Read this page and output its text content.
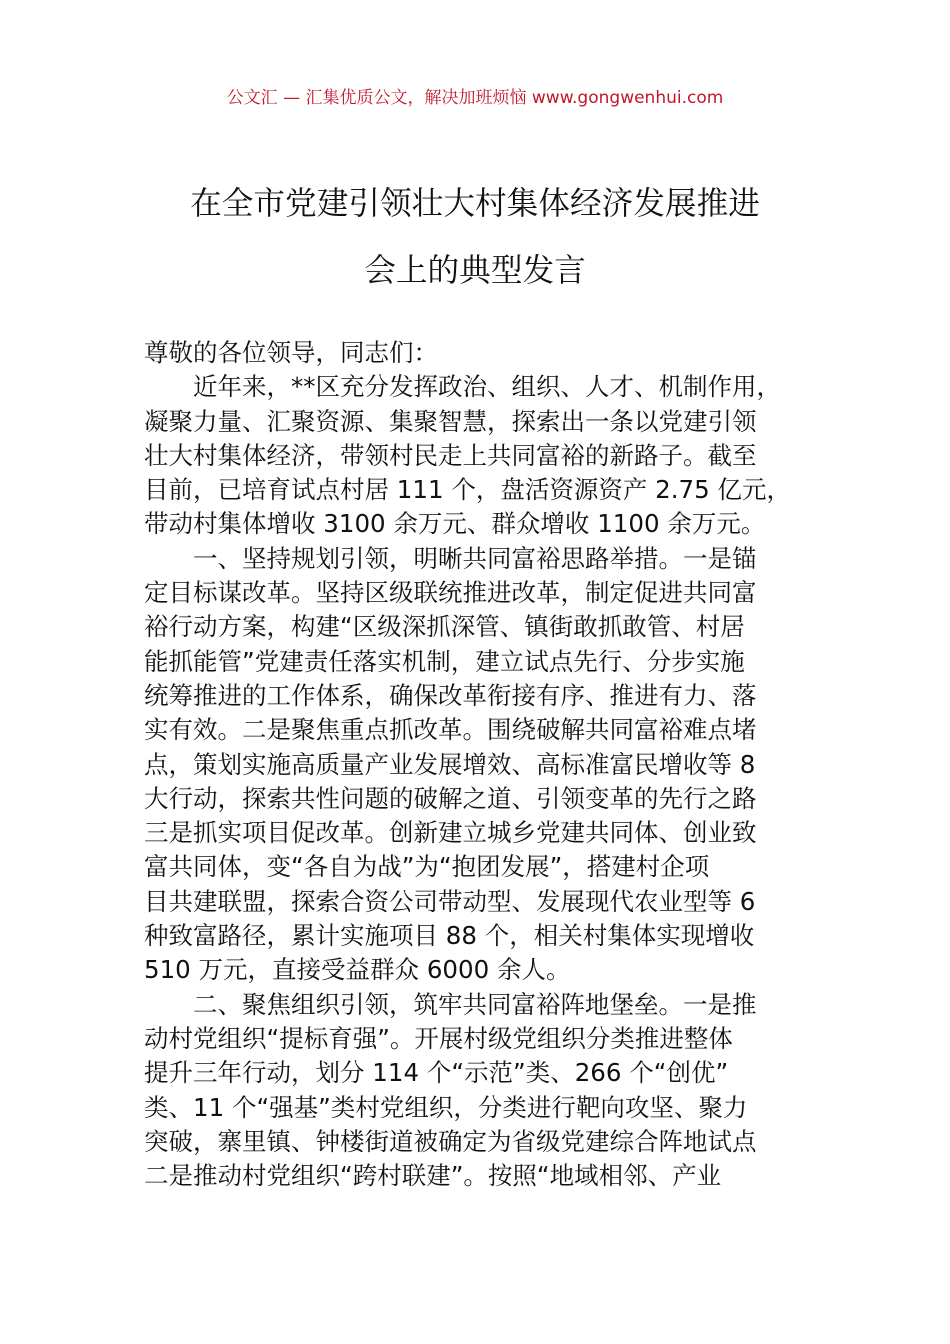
公文汇 — 汇集优质公文，解决加班烦恼 www.gongwenhui.com
在全市党建引领壮大村集体经济发展推进
会上的典型发言
尊敬的各位领导，同志们：
近年来，**区充分发挥政治、组织、人才、机制作用，
凝聚力量、汇聚资源、集聚智慧，探索出一条以党建引领
壮大村集体经济，带领村民走上共同富裕的新路子。截至
目前，已培育试点村居 111 个，盘活资源资产 2.75 亿元，
带动村集体增收 3100 余万元、群众增收 1100 余万元。
一、坚持规划引领，明晰共同富裕思路举措。一是锚
定目标谋改革。坚持区级联统推进改革，制定促进共同富
裕行动方案，构建“区级深抓深管、镇街敢抓敢管、村居
能抓能管”党建责任落实机制，建立试点先行、分步实施
统筹推进的工作体系，确保改革衔接有序、推进有力、落
实有效。二是聚焦重点抓改革。围绕破解共同富裕难点堵
点，策划实施高质量产业发展增效、高标准富民增收等 8
大行动，探索共性问题的破解之道、引领变革的先行之路
三是抓实项目促改革。创新建立城乡党建共同体、创业致
富共同体，变“各自为战”为“抱团发展”，搭建村企项
目共建联盟，探索合资公司带动型、发展现代农业型等 6
种致富路径，累计实施项目 88 个，相关村集体实现增收
510 万元，直接受益群众 6000 余人。
二、聚焦组织引领，筑牢共同富裕阵地堡垒。一是推
动村党组织“提标育强”。开展村级党组织分类推进整体
提升三年行动，划分 114 个“示范”类、266 个“创优”
类、11 个“强基”类村党组织，分类进行靶向攻坚、聚力
突破，寨里镇、钟楼街道被确定为省级党建综合阵地试点
二是推动村党组织“跨村联建”。按照“地域相邻、产业
